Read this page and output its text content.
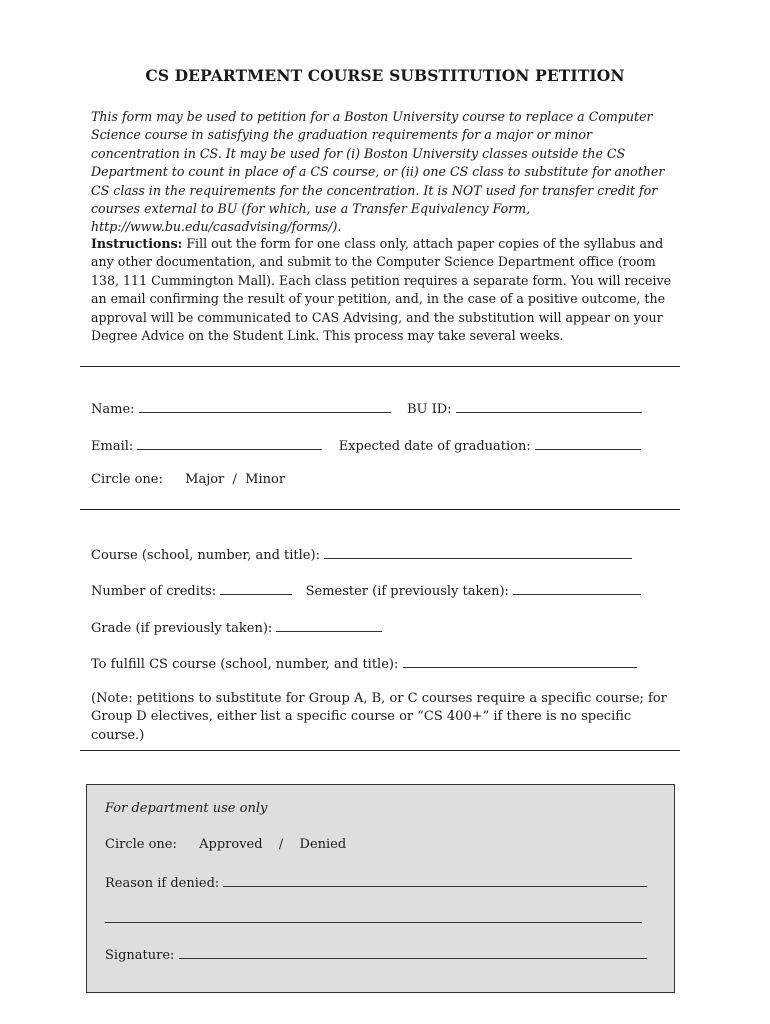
CS DEPARTMENT COURSE SUBSTITUTION PETITION
This form may be used to petition for a Boston University course to replace a Computer Science course in satisfying the graduation requirements for a major or minor concentration in CS. It may be used for (i) Boston University classes outside the CS Department to count in place of a CS course, or (ii) one CS class to substitute for another CS class in the requirements for the concentration. It is NOT used for transfer credit for courses external to BU (for which, use a Transfer Equivalency Form, http://www.bu.edu/casadvising/forms/).
Instructions: Fill out the form for one class only, attach paper copies of the syllabus and any other documentation, and submit to the Computer Science Department office (room 138, 111 Cummington Mall). Each class petition requires a separate form. You will receive an email confirming the result of your petition, and, in the case of a positive outcome, the approval will be communicated to CAS Advising, and the substitution will appear on your Degree Advice on the Student Link. This process may take several weeks.
Name:	BU ID:
Email:	Expected date of graduation:
Circle one: Major  /  Minor
Course (school, number, and title):
Number of credits:	Semester (if previously taken):
Grade (if previously taken):
To fulfill CS course (school, number, and title):
(Note: petitions to substitute for Group A, B, or C courses require a specific course; for Group D electives, either list a specific course or “CS 400+” if there is no specific course.)
For department use only
Circle one: Approved / Denied
Reason if denied:
Signature:
